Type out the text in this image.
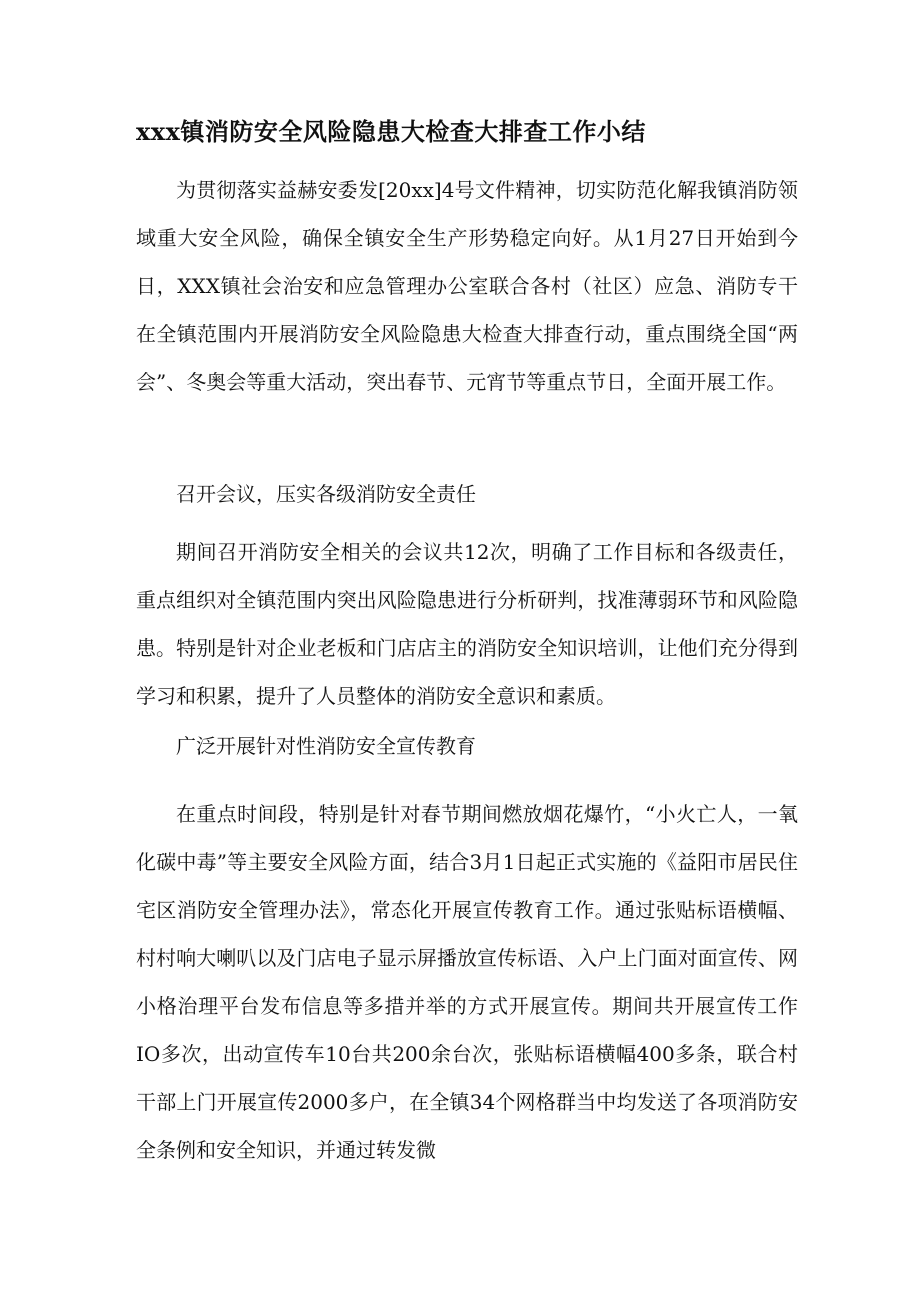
xxx镇消防安全风险隐患大检查大排查工作小结

为贯彻落实益赫安委发[20xx]4号文件精神，切实防范化解我镇消防领域重大安全风险，确保全镇安全生产形势稳定向好。从1月27日开始到今日，XXX镇社会治安和应急管理办公室联合各村（社区）应急、消防专干在全镇范围内开展消防安全风险隐患大检查大排查行动，重点围绕全国“两会”、冬奥会等重大活动，突出春节、元宵节等重点节日，全面开展工作。

召开会议，压实各级消防安全责任

期间召开消防安全相关的会议共12次，明确了工作目标和各级责任，重点组织对全镇范围内突出风险隐患进行分析研判，找准薄弱环节和风险隐患。特别是针对企业老板和门店店主的消防安全知识培训，让他们充分得到学习和积累，提升了人员整体的消防安全意识和素质。

广泛开展针对性消防安全宣传教育

在重点时间段，特别是针对春节期间燃放烟花爆竹，“小火亡人，一氧化碳中毒”等主要安全风险方面，结合3月1日起正式实施的《益阳市居民住宅区消防安全管理办法》，常态化开展宣传教育工作。通过张贴标语横幅、村村响大喇叭以及门店电子显示屏播放宣传标语、入户上门面对面宣传、网小格治理平台发布信息等多措并举的方式开展宣传。期间共开展宣传工作IO多次，出动宣传车10台共200余台次，张贴标语横幅400多条，联合村干部上门开展宣传2000多户，在全镇34个网格群当中均发送了各项消防安全条例和安全知识，并通过转发微
